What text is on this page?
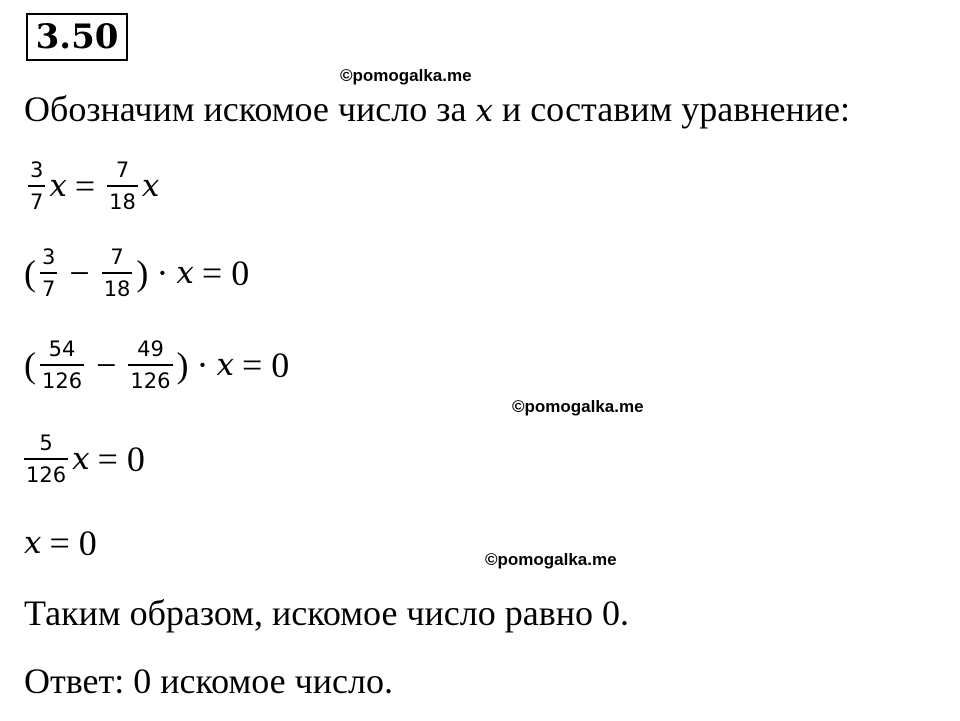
3.50
©pomogalka.me
Обозначим искомое число за x и составим уравнение:
$\frac{3}{7}$ $x = \frac{7}{18}$ x
( $\frac{3}{7} - \frac{7}{18}$ ) · x = 0
( $\frac{54}{126} - \frac{49}{126}$ ) · x = 0
©pomogalka.me
$\frac{5}{126}$ x = 0
x = 0	©pomogalka.me
Таким образом, искомое число равно 0.
Ответ: 0 искомое число.
